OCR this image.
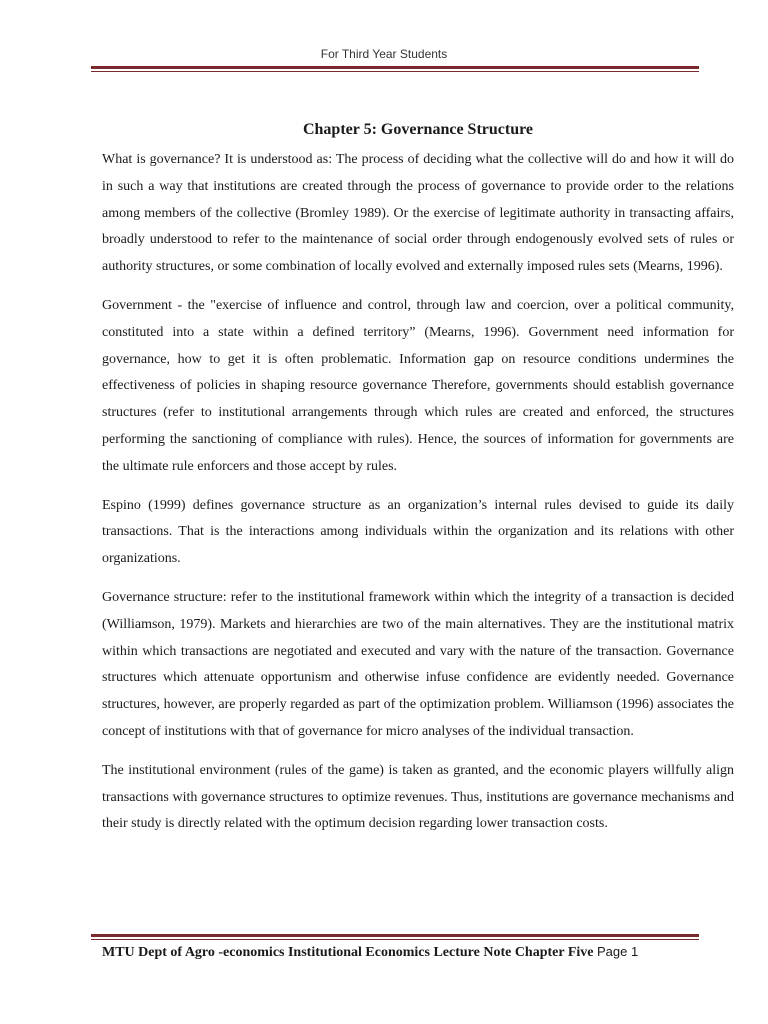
For Third Year Students
Chapter 5: Governance Structure

What is governance? It is understood as: The process of deciding what the collective will do and how it will do in such a way that institutions are created through the process of governance to provide order to the relations among members of the collective (Bromley 1989). Or the exercise of legitimate authority in transacting affairs, broadly understood to refer to the maintenance of social order through endogenously evolved sets of rules or authority structures, or some combination of locally evolved and externally imposed rules sets (Mearns, 1996).

Government - the "exercise of influence and control, through law and coercion, over a political community, constituted into a state within a defined territory” (Mearns, 1996). Government need information for governance, how to get it is often problematic. Information gap on resource conditions undermines the effectiveness of policies in shaping resource governance Therefore, governments should establish governance structures (refer to institutional arrangements through which rules are created and enforced, the structures performing the sanctioning of compliance with rules). Hence, the sources of information for governments are the ultimate rule enforcers and those accept by rules.

Espino (1999) defines governance structure as an organization’s internal rules devised to guide its daily transactions. That is the interactions among individuals within the organization and its relations with other organizations.

Governance structure: refer to the institutional framework within which the integrity of a transaction is decided (Williamson, 1979). Markets and hierarchies are two of the main alternatives. They are the institutional matrix within which transactions are negotiated and executed and vary with the nature of the transaction. Governance structures which attenuate opportunism and otherwise infuse confidence are evidently needed. Governance structures, however, are properly regarded as part of the optimization problem. Williamson (1996) associates the concept of institutions with that of governance for micro analyses of the individual transaction.

The institutional environment (rules of the game) is taken as granted, and the economic players willfully align transactions with governance structures to optimize revenues. Thus, institutions are governance mechanisms and their study is directly related with the optimum decision regarding lower transaction costs.

MTU Dept of Agro -economics Institutional Economics Lecture Note Chapter Five Page 1
